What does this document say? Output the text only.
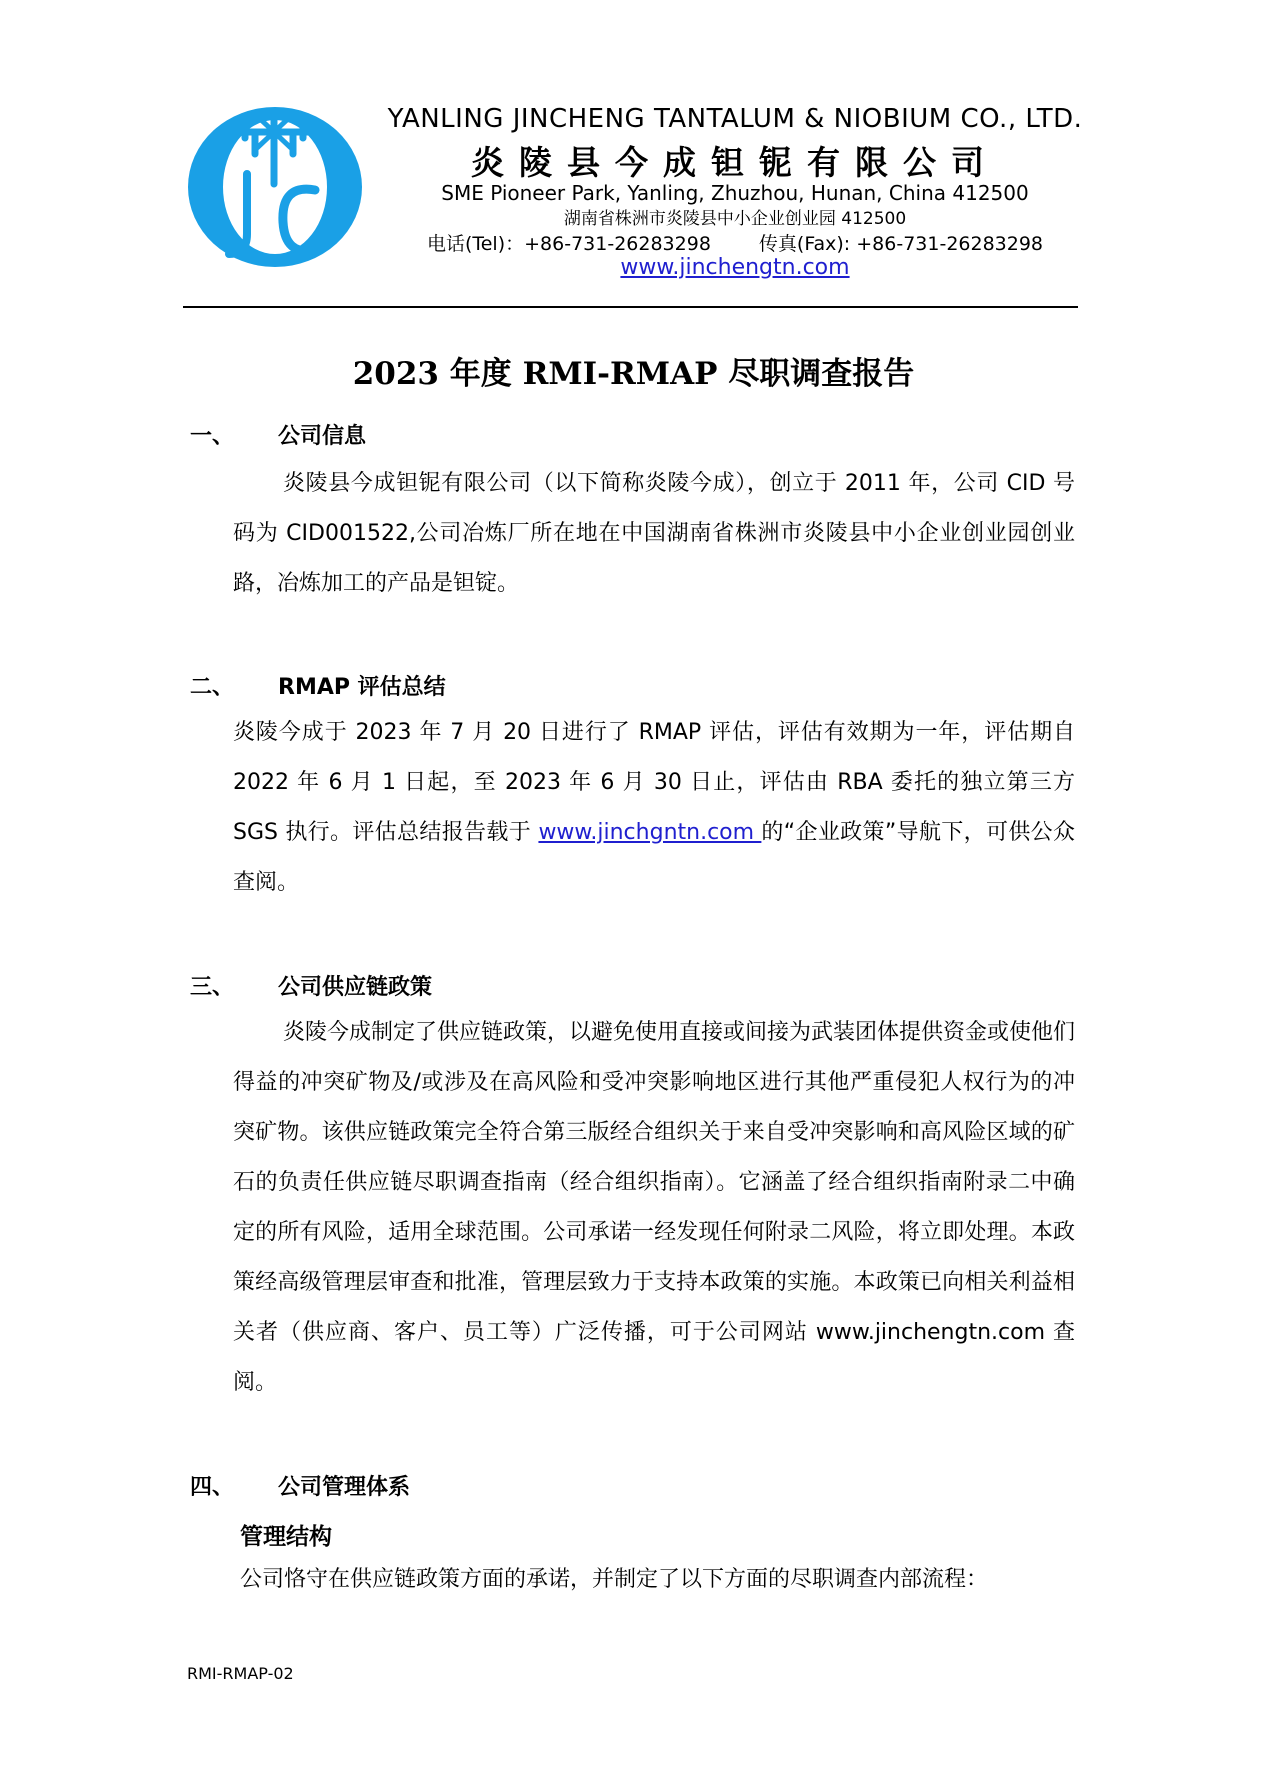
YANLING JINCHENG TANTALUM & NIOBIUM CO., LTD.
炎陵县今成钽铌有限公司
SME Pioneer Park, Yanling, Zhuzhou, Hunan, China 412500
湖南省株洲市炎陵县中小企业创业园 412500
电话(Tel)：+86-731-26283298	传真(Fax): +86-731-26283298
www.jinchengtn.com
2023 年度 RMI-RMAP 尽职调查报告
一、 公司信息
炎陵县今成钽铌有限公司（以下简称炎陵今成），创立于 2011 年，公司 CID 号码为 CID001522,公司冶炼厂所在地在中国湖南省株洲市炎陵县中小企业创业园创业路，冶炼加工的产品是钽锭。
二、 RMAP 评估总结
炎陵今成于 2023 年 7 月 20 日进行了 RMAP 评估，评估有效期为一年，评估期自 2022 年 6 月 1 日起，至 2023 年 6 月 30 日止，评估由 RBA 委托的独立第三方 SGS 执行。评估总结报告载于 www.jinchgntn.com 的“企业政策”导航下，可供公众查阅。
三、 公司供应链政策
炎陵今成制定了供应链政策，以避免使用直接或间接为武装团体提供资金或使他们得益的冲突矿物及/或涉及在高风险和受冲突影响地区进行其他严重侵犯人权行为的冲突矿物。该供应链政策完全符合第三版经合组织关于来自受冲突影响和高风险区域的矿石的负责任供应链尽职调查指南（经合组织指南）。它涵盖了经合组织指南附录二中确定的所有风险，适用全球范围。公司承诺一经发现任何附录二风险，将立即处理。本政策经高级管理层审查和批准，管理层致力于支持本政策的实施。本政策已向相关利益相关者（供应商、客户、员工等）广泛传播，可于公司网站 www.jinchengtn.com 查阅。
四、 公司管理体系
管理结构
公司恪守在供应链政策方面的承诺，并制定了以下方面的尽职调查内部流程：
RMI-RMAP-02
